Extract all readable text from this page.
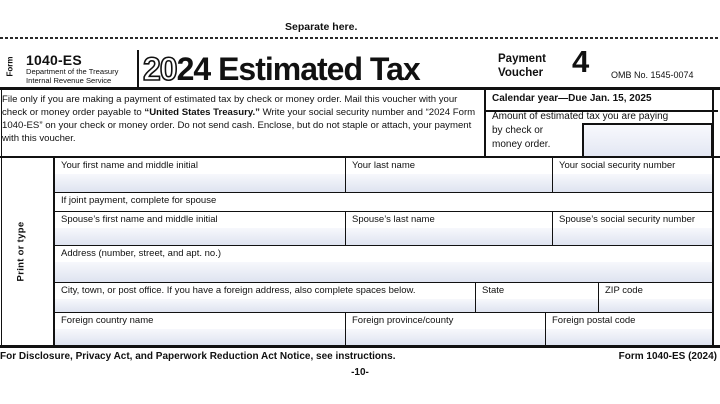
Separate here.
Form 1040-ES
Department of the Treasury
Internal Revenue Service 2024 Estimated Tax	Payment
Voucher 4 OMB No. 1545-0074
File only if you are making a payment of estimated tax by check or money order. Mail this voucher with your check or money order payable to “United States Treasury.” Write your social security number and “2024 Form 1040-ES” on your check or money order. Do not send cash. Enclose, but do not staple or attach, your payment with this voucher.
Calendar year—Due Jan. 15, 2025
Amount of estimated tax you are paying
by check or
money order.
Print or type
Your first name and middle initial	Your last name	Your social security number
If joint payment, complete for spouse
Spouse’s first name and middle initial	Spouse’s last name	Spouse’s social security number
Address (number, street, and apt. no.)
City, town, or post office. If you have a foreign address, also complete spaces below.	State	ZIP code
Foreign country name	Foreign province/county	Foreign postal code
For Disclosure, Privacy Act, and Paperwork Reduction Act Notice, see instructions.	Form 1040-ES (2024)
-10-
